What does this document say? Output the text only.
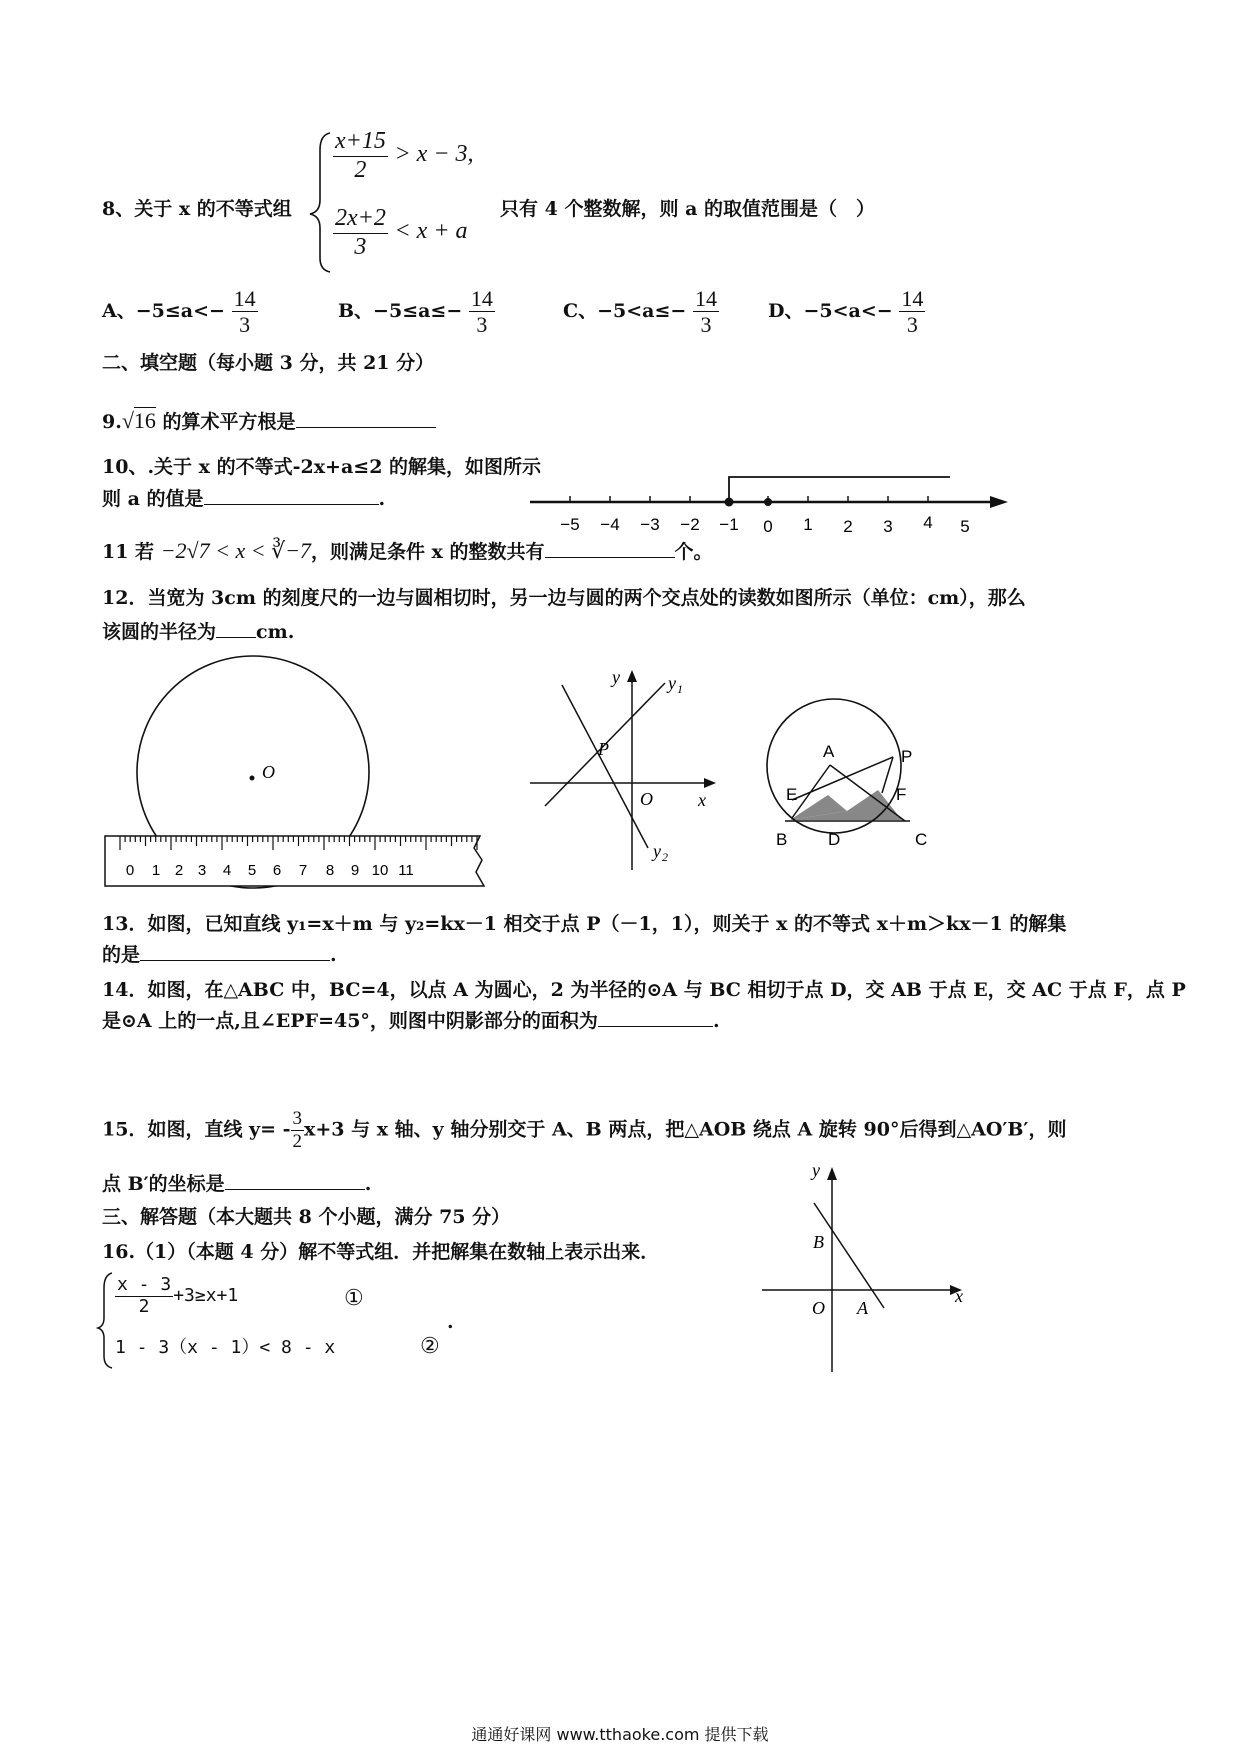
8、关于 x 的不等式组
$\frac{x+15}{2} > x - 3$,
$\frac{2x+2}{3} < x + a$
只有 4 个整数解，则 a 的取值范围是（　）
A、$-5\le a<- \frac{14}{3}$	B、$-5\le a\le- \frac{14}{3}$	C、$-5<a\le- \frac{14}{3}$	D、$-5<a<- \frac{14}{3}$
二、填空题（每小题 3 分，共 21 分）
9.√16 的算术平方根是
10、.关于 x 的不等式-2x+a≤2 的解集，如图所示
则 a 的值是	.
−5 −4 −3 −2 −1 0 1 2 3 4 5
11 若 −2√7 < x < ∛−7，则满足条件 x 的整数共有	个。
12．当宽为 3cm 的刻度尺的一边与圆相切时，另一边与圆的两个交点处的读数如图所示（单位：cm），那么
该圆的半径为 cm.
O
0 1 2 3 4 5 6 7 8 9 10 11
y	y 1
P
O	x
y 2
A	P
E	F
B D	C
13．如图，已知直线 y₁=x＋m 与 y₂=kx－1 相交于点 P（－1，1），则关于 x 的不等式 x＋m＞kx－1 的解集
的是	.
14．如图，在△ABC 中，BC=4，以点 A 为圆心，2 为半径的⊙A 与 BC 相切于点 D，交 AB 于点 E，交 AC 于点 F，点 P
是⊙A 上的一点,且∠EPF=45°，则图中阴影部分的面积为	.
15．如图，直线 $y= - \frac{3}{2} x+3$ 与 x 轴、y 轴分别交于 A、B 两点，把△AOB 绕点 A 旋转 90°后得到△AO′B′，则
点 B′的坐标是	.
三、解答题（本大题共 8 个小题，满分 75 分）
16.（1）（本题 4 分）解不等式组．并把解集在数轴上表示出来．
$\frac{x - 3}{2} +3\ge x+1$	①
1 - 3（x - 1）< 8 - x	②
.
y
x
B
O A
通通好课网 www.tthaoke.com 提供下载
